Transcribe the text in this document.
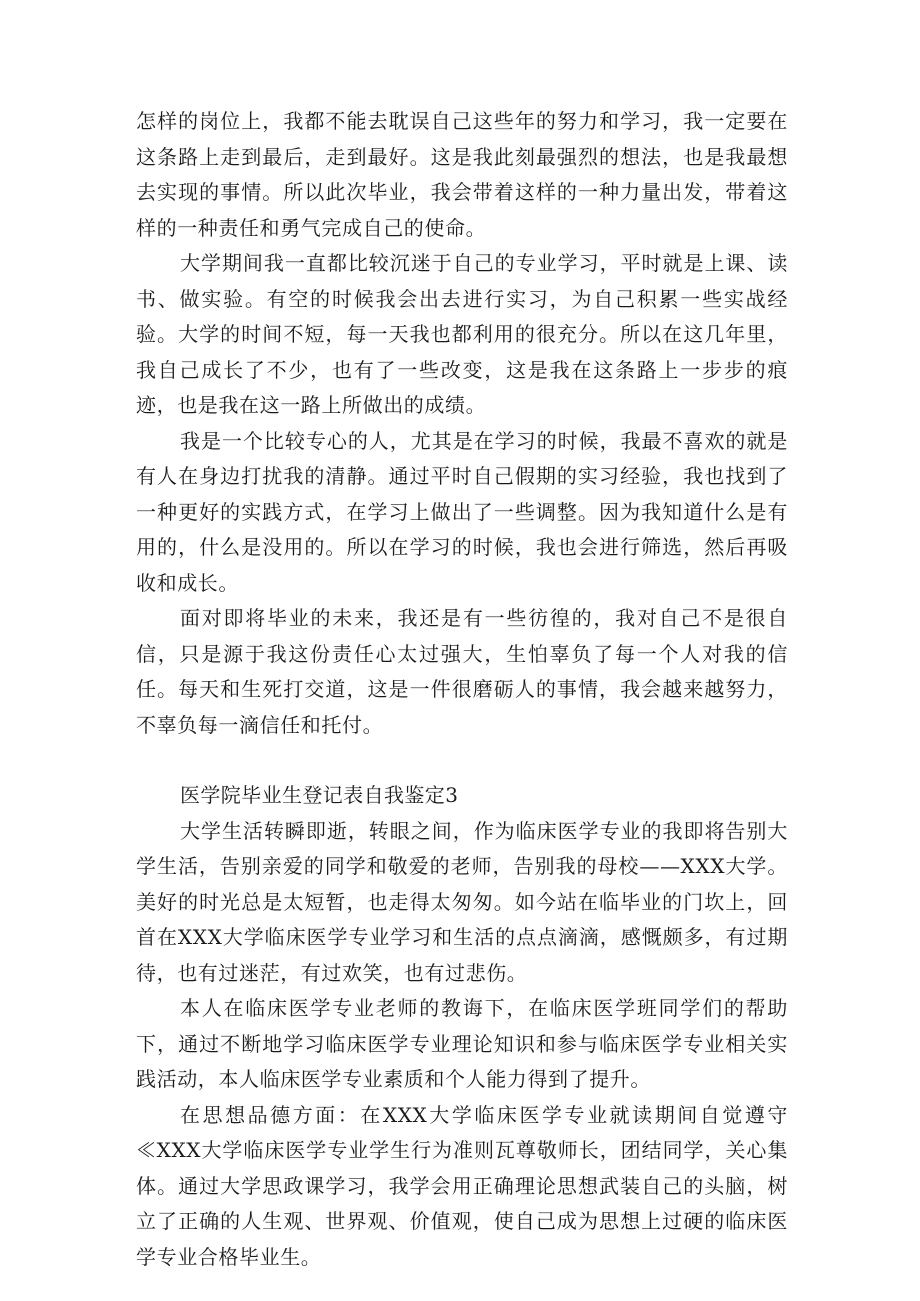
怎样的岗位上，我都不能去耽误自己这些年的努力和学习，我一定要在这条路上走到最后，走到最好。这是我此刻最强烈的想法，也是我最想去实现的事情。所以此次毕业，我会带着这样的一种力量出发，带着这样的一种责任和勇气完成自己的使命。

大学期间我一直都比较沉迷于自己的专业学习，平时就是上课、读书、做实验。有空的时候我会出去进行实习，为自己积累一些实战经验。大学的时间不短，每一天我也都利用的很充分。所以在这几年里，我自己成长了不少，也有了一些改变，这是我在这条路上一步步的痕迹，也是我在这一路上所做出的成绩。

我是一个比较专心的人，尤其是在学习的时候，我最不喜欢的就是有人在身边打扰我的清静。通过平时自己假期的实习经验，我也找到了一种更好的实践方式，在学习上做出了一些调整。因为我知道什么是有用的，什么是没用的。所以在学习的时候，我也会进行筛选，然后再吸收和成长。

面对即将毕业的未来，我还是有一些彷徨的，我对自己不是很自信，只是源于我这份责任心太过强大，生怕辜负了每一个人对我的信任。每天和生死打交道，这是一件很磨砺人的事情，我会越来越努力，不辜负每一滴信任和托付。

医学院毕业生登记表自我鉴定3

大学生活转瞬即逝，转眼之间，作为临床医学专业的我即将告别大学生活，告别亲爱的同学和敬爱的老师，告别我的母校——XXX大学。美好的时光总是太短暂，也走得太匆匆。如今站在临毕业的门坎上，回首在XXX大学临床医学专业学习和生活的点点滴滴，感慨颇多，有过期待，也有过迷茫，有过欢笑，也有过悲伤。

本人在临床医学专业老师的教诲下，在临床医学班同学们的帮助下，通过不断地学习临床医学专业理论知识和参与临床医学专业相关实践活动，本人临床医学专业素质和个人能力得到了提升。

在思想品德方面：在XXX大学临床医学专业就读期间自觉遵守≪XXX大学临床医学专业学生行为准则瓦尊敬师长，团结同学，关心集体。通过大学思政课学习，我学会用正确理论思想武装自己的头脑，树立了正确的人生观、世界观、价值观，使自己成为思想上过硬的临床医学专业合格毕业生。
